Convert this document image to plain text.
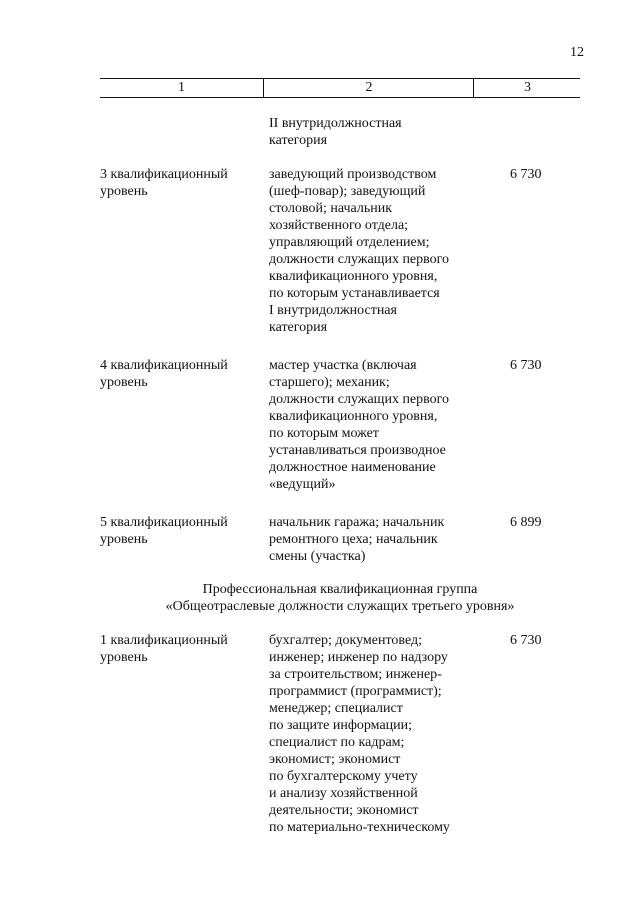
12
1	2	3
II внутридолжностная
категория
3 квалификационный
уровень
заведующий производством
(шеф-повар); заведующий
столовой; начальник
хозяйственного отдела;
управляющий отделением;
должности служащих первого
квалификационного уровня,
по которым устанавливается
I внутридолжностная
категория
6 730
4 квалификационный
уровень
мастер участка (включая
старшего); механик;
должности служащих первого
квалификационного уровня,
по которым может
устанавливаться производное
должностное наименование
«ведущий»
6 730
5 квалификационный
уровень
начальник гаража; начальник
ремонтного цеха; начальник
смены (участка)
6 899
Профессиональная квалификационная группа
«Общеотраслевые должности служащих третьего уровня»
1 квалификационный
уровень
бухгалтер; документовед;
инженер; инженер по надзору
за строительством; инженер-
программист (программист);
менеджер; специалист
по защите информации;
специалист по кадрам;
экономист; экономист
по бухгалтерскому учету
и анализу хозяйственной
деятельности; экономист
по материально-техническому
6 730
